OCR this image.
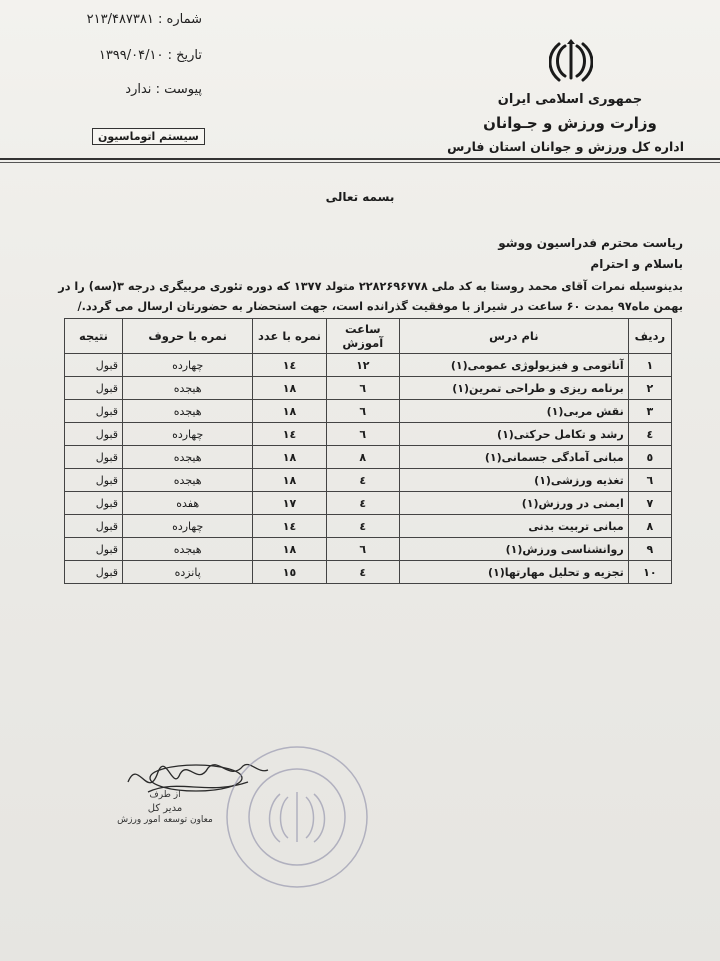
شماره : ۲۱۳/۴۸۷۳۸۱
تاریخ : ۱۳۹۹/۰۴/۱۰
پیوست : ندارد
سیستم اتوماسیون
جمهوری اسلامی ایران
وزارت ورزش و جـوانان
اداره کل ورزش و جوانان استان فارس
بسمه تعالی
ریاست محترم فدراسیون ووشو
باسلام و احترام
بدینوسیله نمرات آقای محمد روستا به کد ملی ۲۲۸۲۶۹۶۷۷۸ متولد ۱۳۷۷ که دوره تئوری مربیگری درجه ۳(سه) را در
بهمن ماه۹۷ بمدت ۶۰ ساعت در شیراز با موفقیت گذرانده است، جهت استحضار به حضورتان ارسال می گردد./
ردیف	نام درس	ساعت آموزش	نمره با عدد	نمره با حروف	نتیجه
۱	آناتومی و فیزیولوژی عمومی(۱)	۱۲	۱٤	چهارده	قبول
۲	برنامه ریزی و طراحی تمرین(۱)	٦	۱۸	هیجده	قبول
۳	نقش مربی(۱)	٦	۱۸	هیجده	قبول
٤	رشد و تکامل حرکتی(۱)	٦	۱٤	چهارده	قبول
٥	مبانی آمادگی جسمانی(۱)	۸	۱۸	هیجده	قبول
٦	تغذیه ورزشی(۱)	٤	۱۸	هیجده	قبول
۷	ایمنی در ورزش(۱)	٤	۱۷	هفده	قبول
۸	مبانی تربیت بدنی	٤	۱٤	چهارده	قبول
۹	روانشناسی ورزش(۱)	٦	۱۸	هیجده	قبول
۱۰	تجزیه و تحلیل مهارتها(۱)	٤	۱٥	پانزده	قبول
از طرف
مدیر کل
معاون توسعه امور ورزش
